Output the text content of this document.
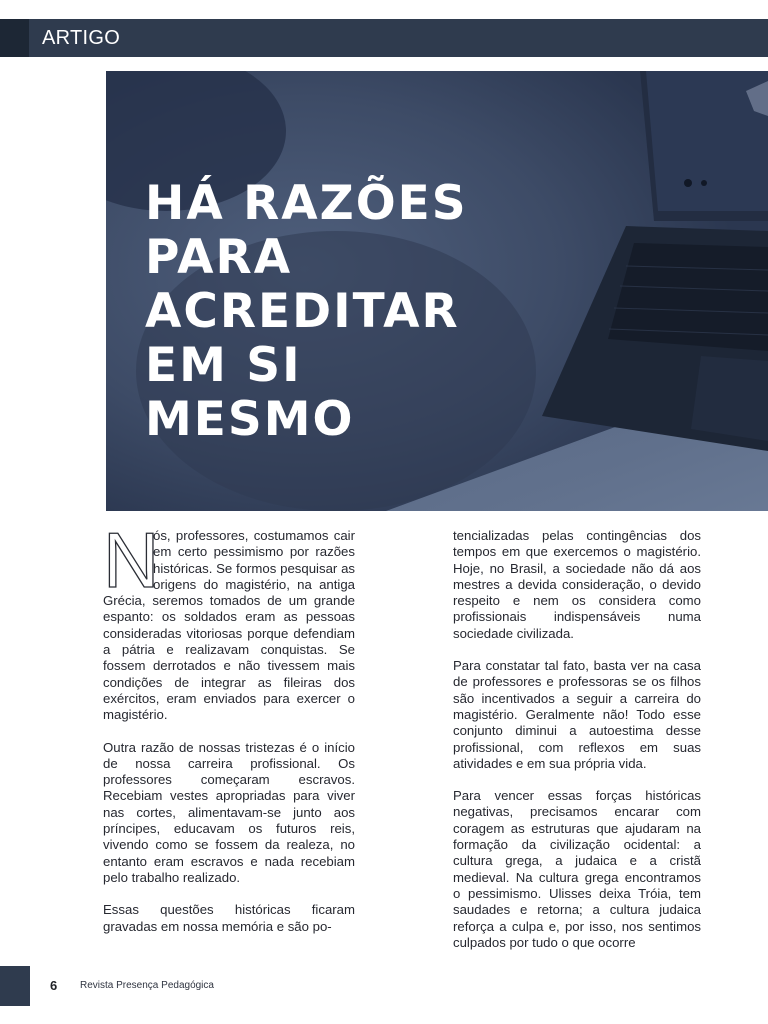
ARTIGO
HÁ RAZÕES PARA ACREDITAR EM SI MESMO

N
ós, professores, costumamos cair em certo pessimismo por razões históricas. Se formos pesquisar as origens do magistério, na antiga Grécia, seremos tomados de um grande espanto: os soldados eram as pessoas consideradas vitoriosas porque defendiam a pátria e realizavam conquistas. Se fossem derrotados e não tivessem mais condições de integrar as fileiras dos exércitos, eram enviados para exercer o magistério.

Outra razão de nossas tristezas é o início de nossa carreira profissional. Os professores começaram escravos. Recebiam vestes apropriadas para viver nas cortes, alimentavam-se junto aos príncipes, educavam os futuros reis, vivendo como se fossem da realeza, no entanto eram escravos e nada recebiam pelo trabalho realizado.

Essas questões históricas ficaram gravadas em nossa memória e são po-

tencializadas pelas contingências dos tempos em que exercemos o magistério. Hoje, no Brasil, a sociedade não dá aos mestres a devida consideração, o devido respeito e nem os considera como profissionais indispensáveis numa sociedade civilizada.

Para constatar tal fato, basta ver na casa de professores e professoras se os filhos são incentivados a seguir a carreira do magistério. Geralmente não! Todo esse conjunto diminui a autoestima desse profissional, com reflexos em suas atividades e em sua própria vida.

Para vencer essas forças históricas negativas, precisamos encarar com coragem as estruturas que ajudaram na formação da civilização ocidental: a cultura grega, a judaica e a cristã medieval. Na cultura grega encontramos o pessimismo. Ulisses deixa Tróia, tem saudades e retorna; a cultura judaica reforça a culpa e, por isso, nos sentimos culpados por tudo o que ocorre

6 Revista Presença Pedagógica
